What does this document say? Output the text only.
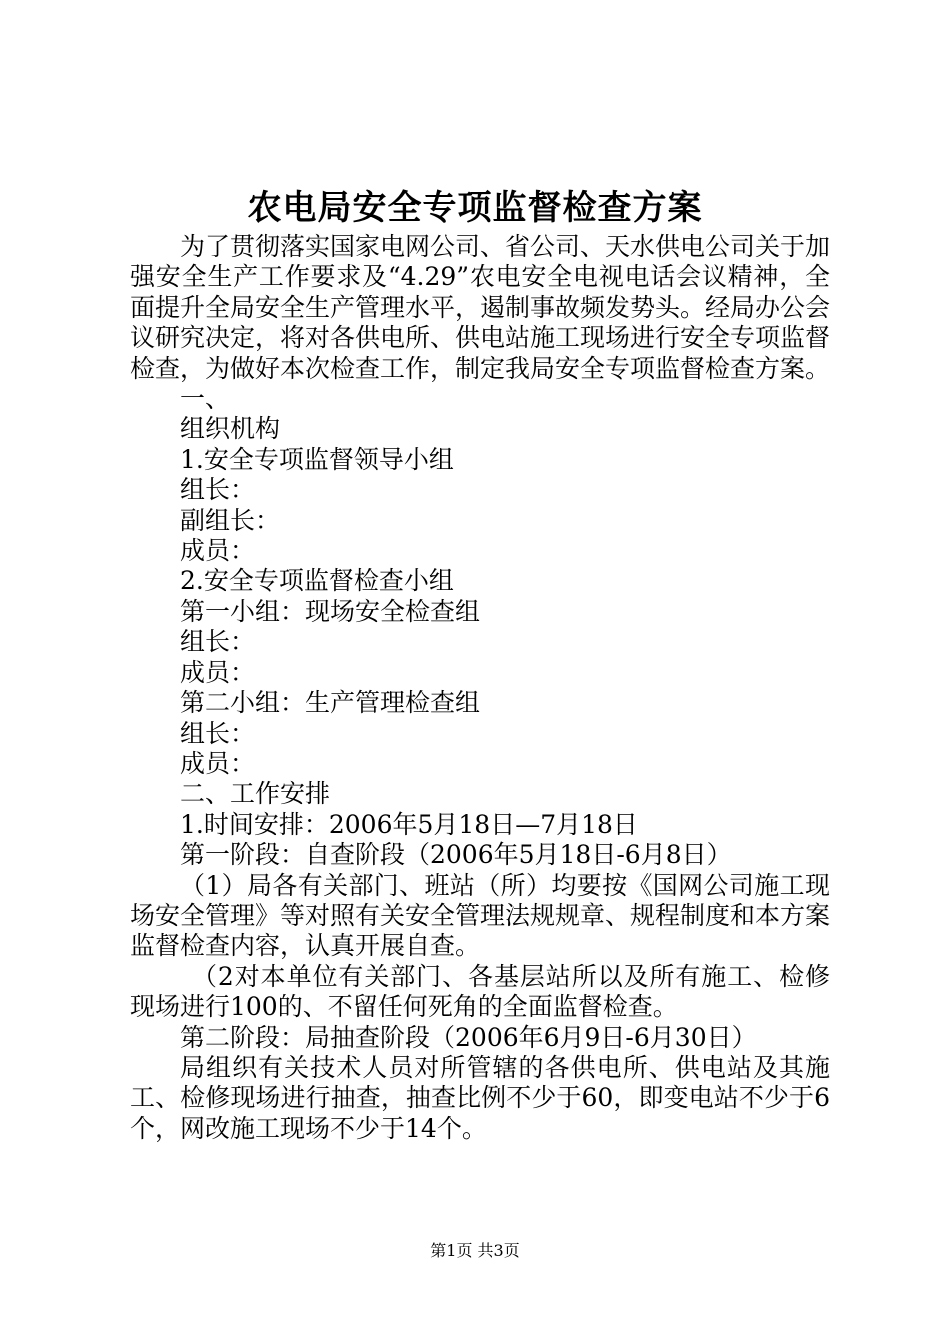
农电局安全专项监督检查方案

为了贯彻落实国家电网公司、省公司、天水供电公司关于加强安全生产工作要求及“4.29”农电安全电视电话会议精神，全面提升全局安全生产管理水平，遏制事故频发势头。经局办公会议研究决定，将对各供电所、供电站施工现场进行安全专项监督检查，为做好本次检查工作，制定我局安全专项监督检查方案。

一、

组织机构

1.安全专项监督领导小组

组长：

副组长：

成员：

2.安全专项监督检查小组

第一小组：现场安全检查组

组长：

成员：

第二小组：生产管理检查组

组长：

成员：

二、工作安排

1.时间安排：2006年5月18日—7月18日

第一阶段：自查阶段（2006年5月18日-6月8日）

（1）局各有关部门、班站（所）均要按《国网公司施工现场安全管理》等对照有关安全管理法规规章、规程制度和本方案监督检查内容，认真开展自查。

（2对本单位有关部门、各基层站所以及所有施工、检修现场进行100的、不留任何死角的全面监督检查。

第二阶段：局抽查阶段（2006年6月9日-6月30日）

局组织有关技术人员对所管辖的各供电所、供电站及其施工、检修现场进行抽查，抽查比例不少于60，即变电站不少于6个，网改施工现场不少于14个。

第1页 共3页
